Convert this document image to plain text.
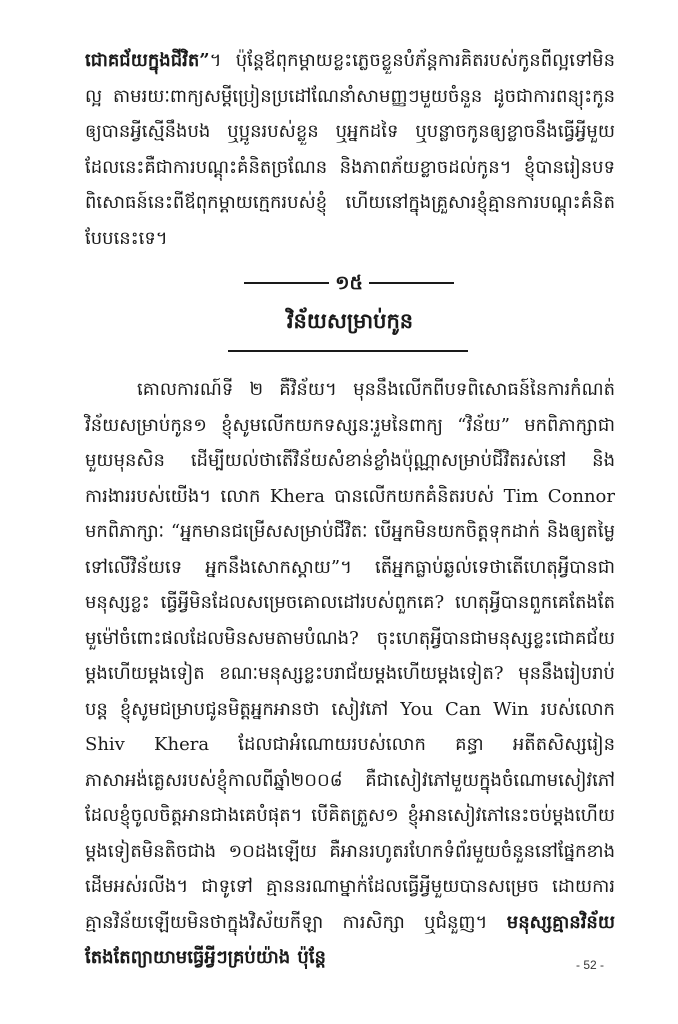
ជោគជ័យក្នុងជីវិត”។ ប៉ុន្តែឪពុកម្ដាយខ្លះភ្លេចខ្លួនបំភ័ន្តការគិតរបស់កូនពីល្អទៅមិនល្អ តាមរយៈពាក្យសម្ដីប្រៀនប្រដៅណែនាំសាមញ្ញៗមួយចំនួន ដូចជាការពន្យុះកូនឲ្យបានអ្វីស្មើនឹងបង ឬប្អូនរបស់ខ្លួន ឬអ្នកដទៃ ឬបន្លាចកូនឲ្យខ្លាចនឹងធ្វើអ្វីមួយ ដែលនេះគឺជាការបណ្ដុះគំនិតច្រណែន និងភាពភ័យខ្លាចដល់កូន។ ខ្ញុំបានរៀនបទពិសោធន៍នេះពីឪពុកម្ដាយក្មេករបស់ខ្ញុំ ហើយនៅក្នុងគ្រួសារខ្ញុំគ្មានការបណ្ដុះគំនិតបែបនេះទេ។

១៥
វិន័យសម្រាប់កូន

គោលការណ៍ទី ២ គឺវិន័យ។ មុននឹងលើកពីបទពិសោធន៍នៃការកំណត់វិន័យសម្រាប់កូន១ ខ្ញុំសូមលើកយកទស្សនៈរួមនៃពាក្យ “វិន័យ” មកពិភាក្សាជាមួយមុនសិន ដើម្បីយល់ថាតើវិន័យសំខាន់ខ្លាំងប៉ុណ្ណាសម្រាប់ជីវិតរស់នៅ និងការងាររបស់យើង។ លោក Khera បានលើកយកគំនិតរបស់ Tim Connor មកពិភាក្សាៈ “អ្នកមានជម្រើសសម្រាប់ជីវិតៈ បើអ្នកមិនយកចិត្តទុកដាក់ និងឲ្យតម្លៃទៅលើវិន័យទេ អ្នកនឹងសោកស្ដាយ”។ តើអ្នកធ្លាប់ឆ្ងល់ទេថាតើហេតុអ្វីបានជាមនុស្សខ្លះ ធ្វើអ្វីមិនដែលសម្រេចគោលដៅរបស់ពួកគេ? ហេតុអ្វីបានពួកគេតែងតែមួម៉ៅចំពោះផលដែលមិនសមតាមបំណង? ចុះហេតុអ្វីបានជាមនុស្សខ្លះជោគជ័យម្ដងហើយម្ដងទៀត ខណៈមនុស្សខ្លះបរាជ័យម្ដងហើយម្ដងទៀត? មុននឹងរៀបរាប់បន្ត ខ្ញុំសូមជម្រាបជូនមិត្តអ្នកអានថា សៀវភៅ You Can Win របស់លោក Shiv Khera ដែលជាអំណោយរបស់លោក គន្ធា អតីតសិស្សរៀនភាសាអង់គ្លេសរបស់ខ្ញុំកាលពីឆ្នាំ២០០៨ គឺជាសៀវភៅមួយក្នុងចំណោមសៀវភៅដែលខ្ញុំចូលចិត្តអានជាងគេបំផុត។ បើគិតត្រួស១ ខ្ញុំអានសៀវភៅនេះចប់ម្ដងហើយម្ដងទៀតមិនតិចជាង ១០ដងឡើយ គឺអានរហូតរហែកទំព័រមួយចំនួននៅផ្នែកខាងដើមអស់រលីង។ ជាទូទៅ គ្មាននរណាម្នាក់ដែលធ្វើអ្វីមួយបានសម្រេច ដោយការគ្មានវិន័យឡើយមិនថាក្នុងវិស័យកីឡា ការសិក្សា ឬជំនួញ។ មនុស្សគ្មានវិន័យតែងតែព្យាយាមធ្វើអ្វីៗគ្រប់យ៉ាង ប៉ុន្តែ	- 52 -
